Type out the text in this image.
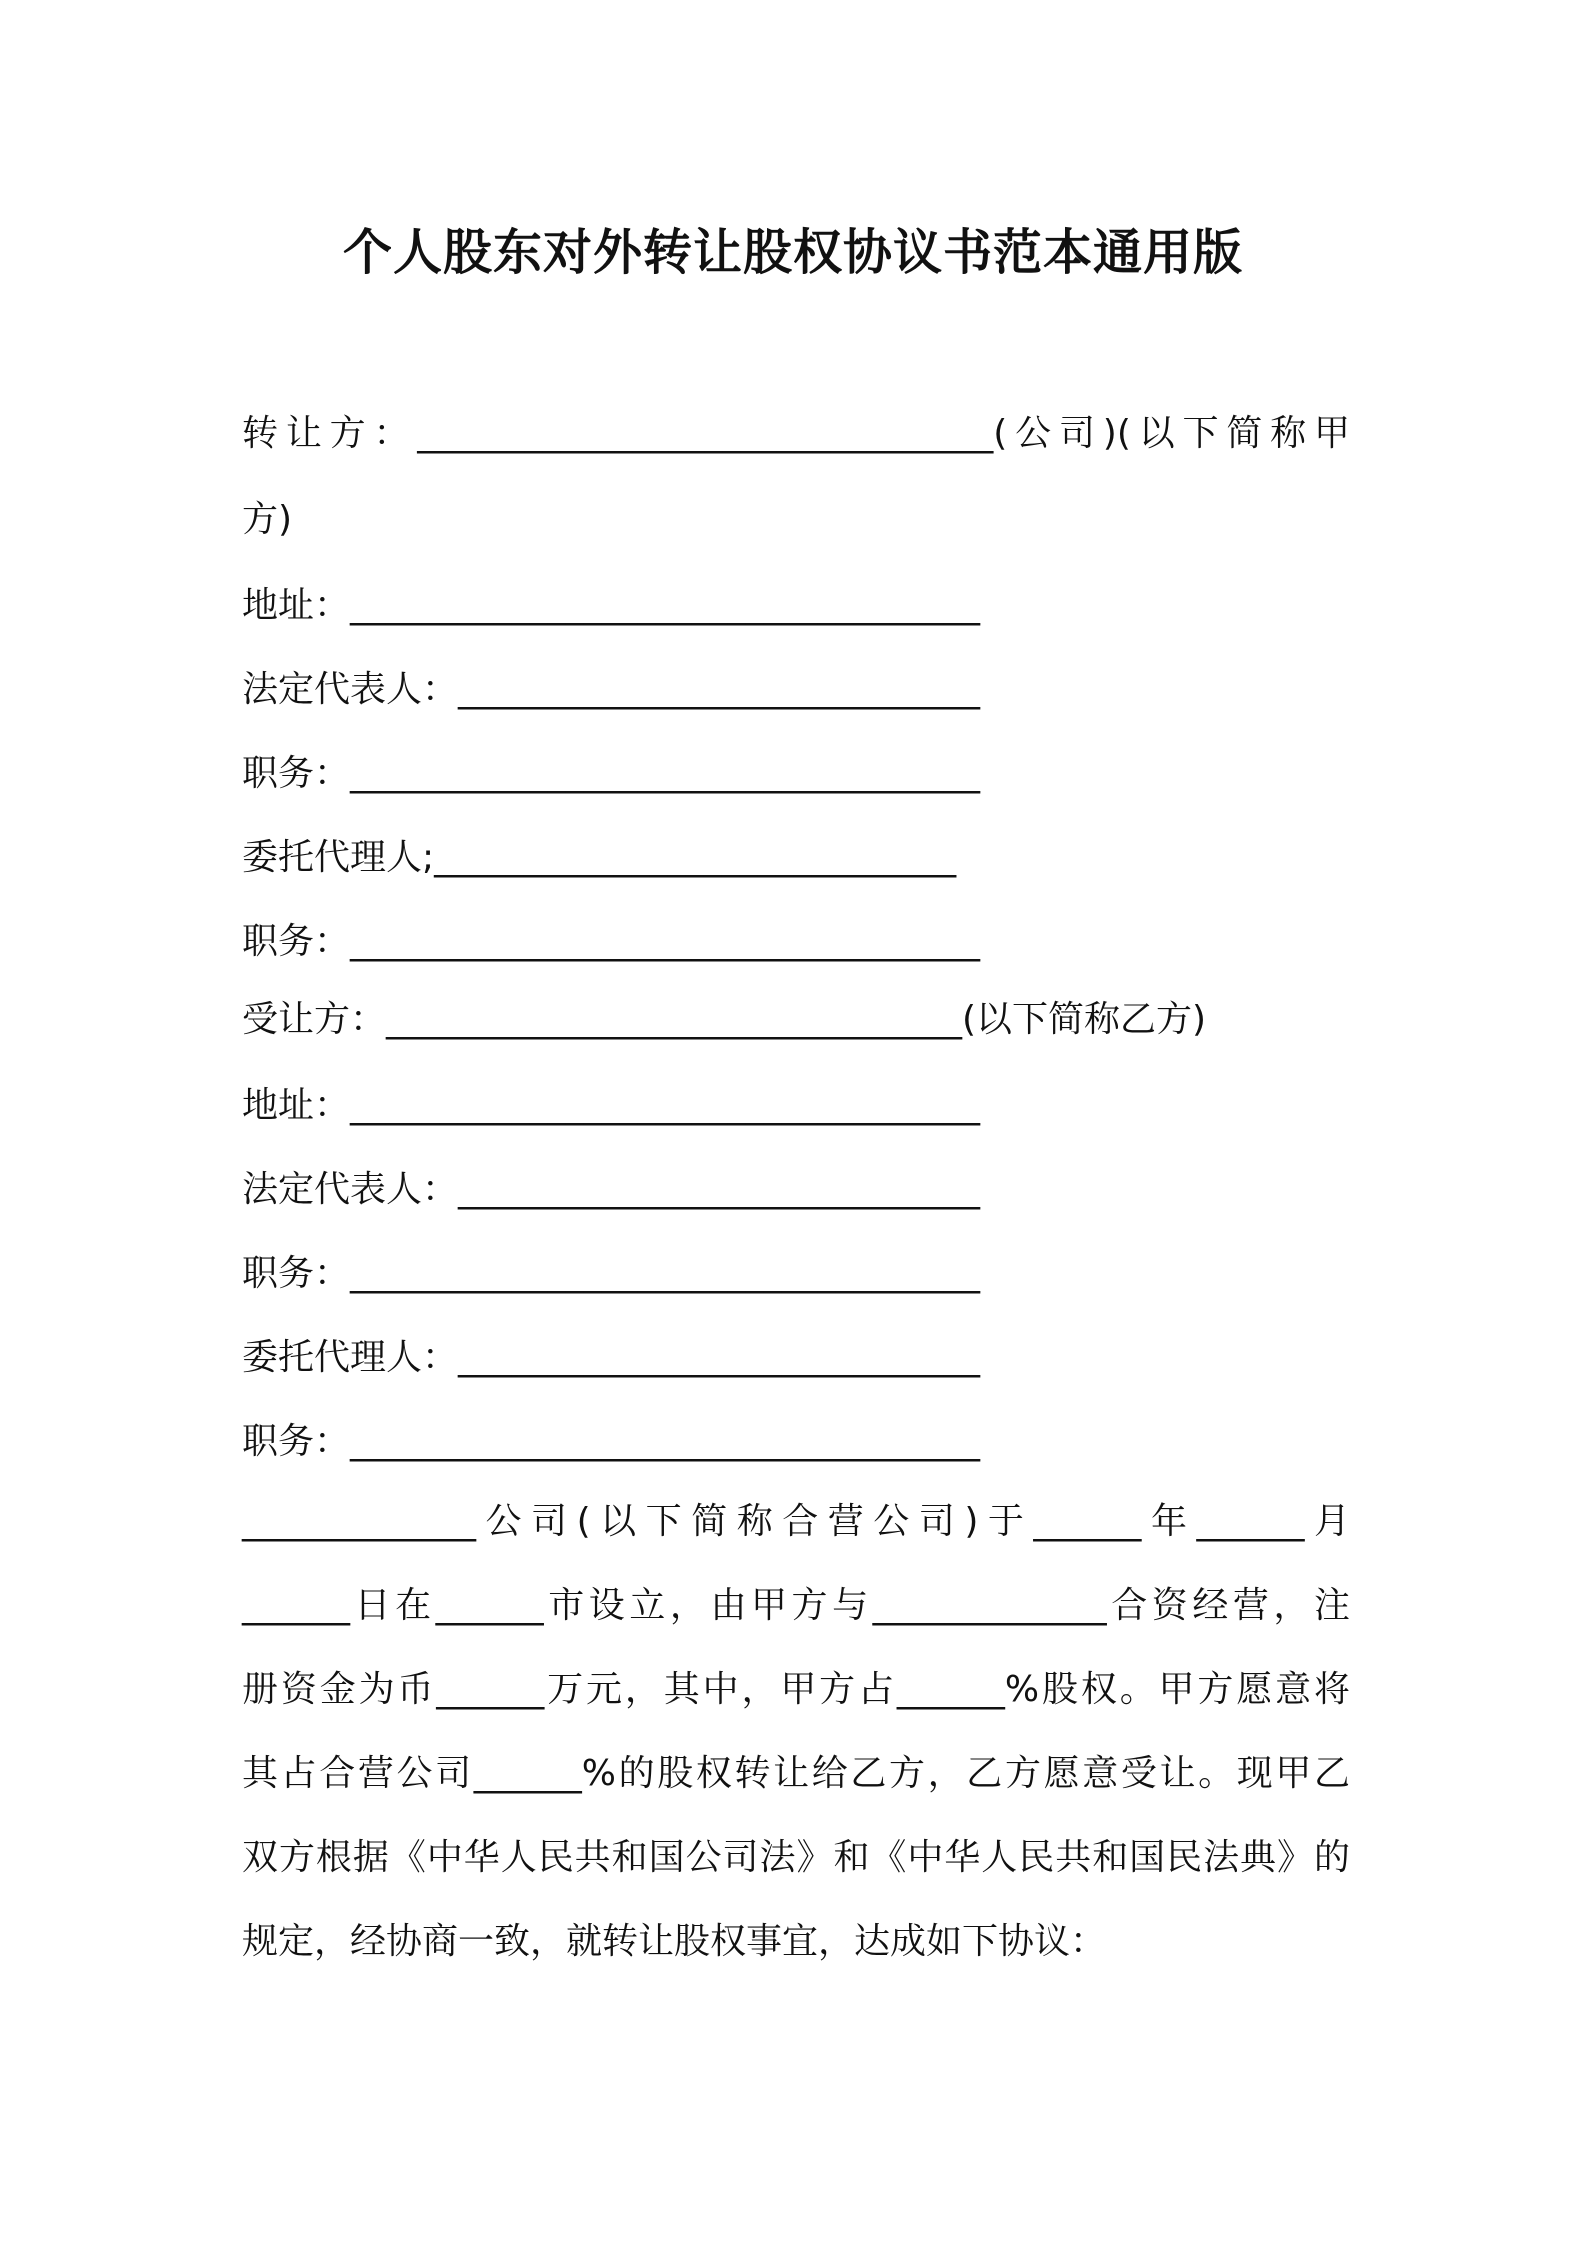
个人股东对外转让股权协议书范本通用版
转让方：________________________________(公司)(以下简称甲
方)
地址：___________________________________
法定代表人：_____________________________
职务：___________________________________
委托代理人;_____________________________
职务：___________________________________
受让方：________________________________(以下简称乙方)
地址：___________________________________
法定代表人：_____________________________
职务：___________________________________
委托代理人：_____________________________
职务：___________________________________
_____________公司(以下简称合营公司)于______年______月
______日在______市设立，由甲方与_____________合资经营，注
册资金为币______万元，其中，甲方占______%股权。甲方愿意将
其占合营公司______%的股权转让给乙方，乙方愿意受让。现甲乙
双方根据《中华人民共和国公司法》和《中华人民共和国民法典》的
规定，经协商一致，就转让股权事宜，达成如下协议：
